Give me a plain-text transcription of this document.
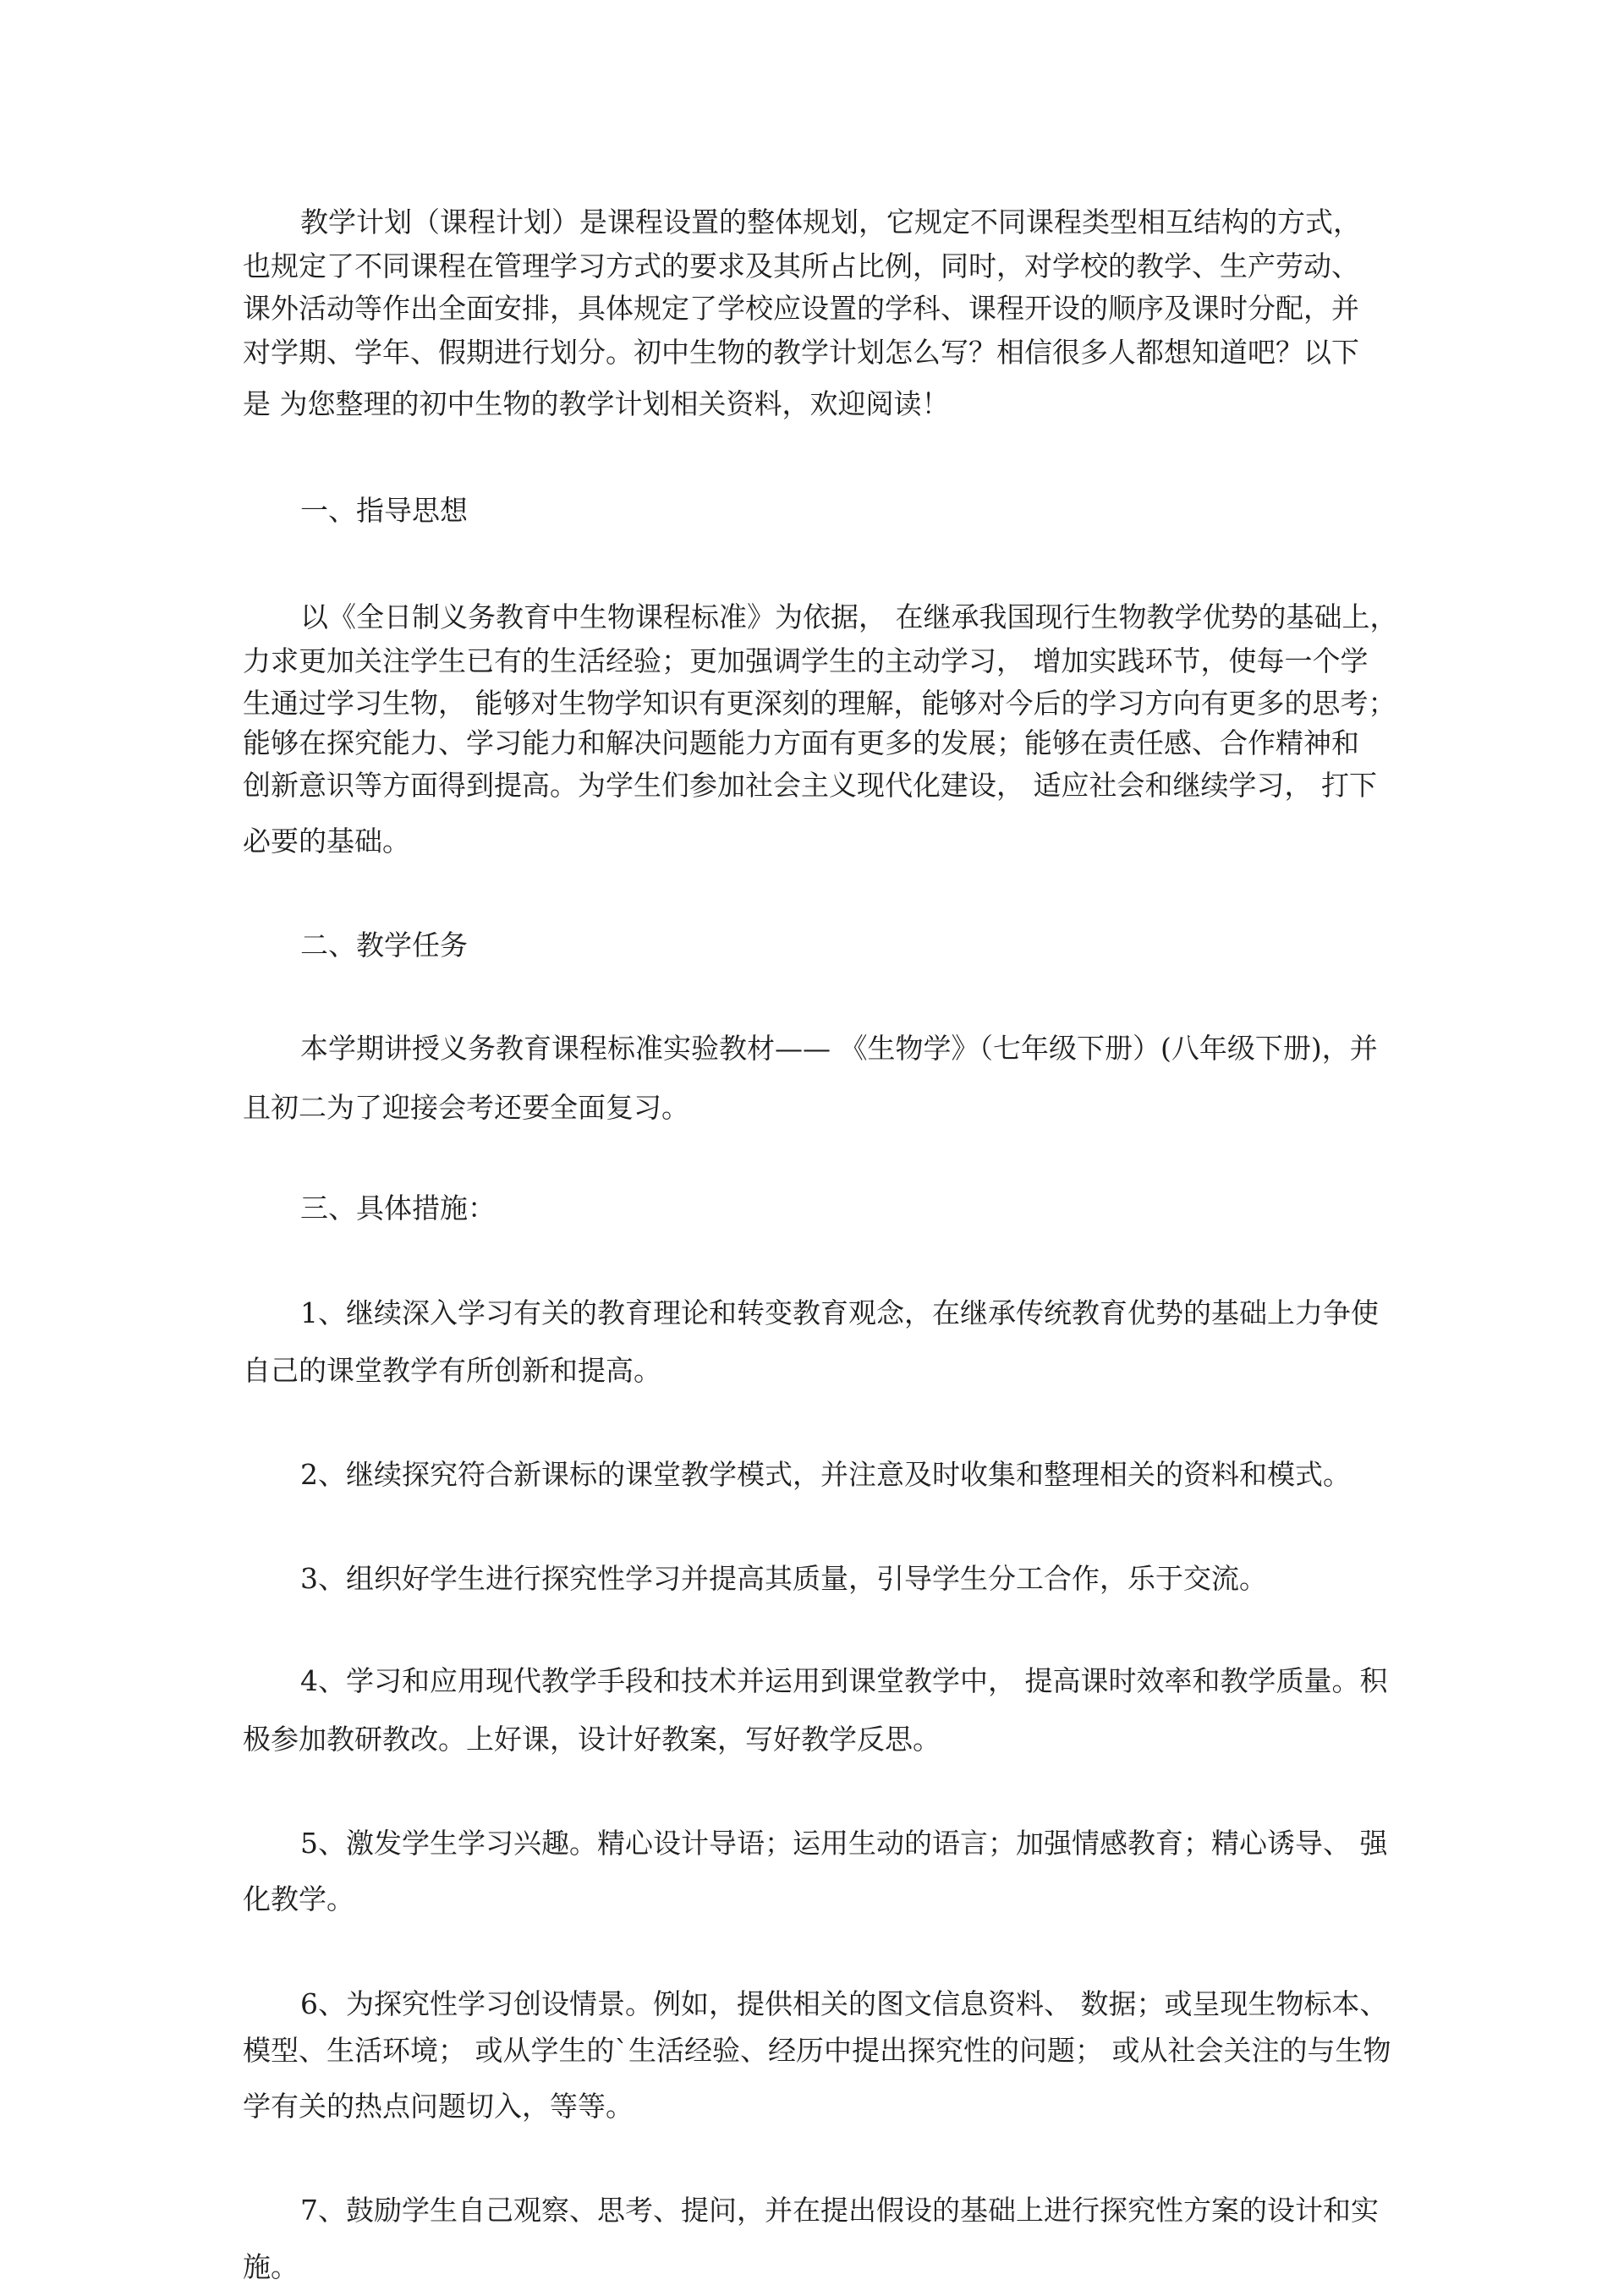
教学计划（课程计划）是课程设置的整体规划，它规定不同课程类型相互结构的方式，
也规定了不同课程在管理学习方式的要求及其所占比例，同时，对学校的教学、生产劳动、
课外活动等作出全面安排，具体规定了学校应设置的学科、课程开设的顺序及课时分配，并
对学期、学年、假期进行划分。初中生物的教学计划怎么写？相信很多人都想知道吧？以下
是 为您整理的初中生物的教学计划相关资料，欢迎阅读！
一、指导思想
以《全日制义务教育中生物课程标准》为依据， 在继承我国现行生物教学优势的基础上，
力求更加关注学生已有的生活经验；更加强调学生的主动学习， 增加实践环节，使每一个学
生通过学习生物， 能够对生物学知识有更深刻的理解，能够对今后的学习方向有更多的思考；
能够在探究能力、学习能力和解决问题能力方面有更多的发展；能够在责任感、合作精神和
创新意识等方面得到提高。为学生们参加社会主义现代化建设， 适应社会和继续学习， 打下
必要的基础。
二、教学任务
本学期讲授义务教育课程标准实验教材—— 《生物学》（七年级下册）(八年级下册)，并
且初二为了迎接会考还要全面复习。
三、具体措施：
1、继续深入学习有关的教育理论和转变教育观念，在继承传统教育优势的基础上力争使
自己的课堂教学有所创新和提高。
2、继续探究符合新课标的课堂教学模式，并注意及时收集和整理相关的资料和模式。
3、组织好学生进行探究性学习并提高其质量，引导学生分工合作，乐于交流。
4、学习和应用现代教学手段和技术并运用到课堂教学中， 提高课时效率和教学质量。积
极参加教研教改。上好课，设计好教案，写好教学反思。
5、激发学生学习兴趣。精心设计导语；运用生动的语言；加强情感教育；精心诱导、 强
化教学。
6、为探究性学习创设情景。例如，提供相关的图文信息资料、 数据；或呈现生物标本、
模型、生活环境； 或从学生的`生活经验、经历中提出探究性的问题； 或从社会关注的与生物
学有关的热点问题切入，等等。
7、鼓励学生自己观察、思考、提问，并在提出假设的基础上进行探究性方案的设计和实
施。
